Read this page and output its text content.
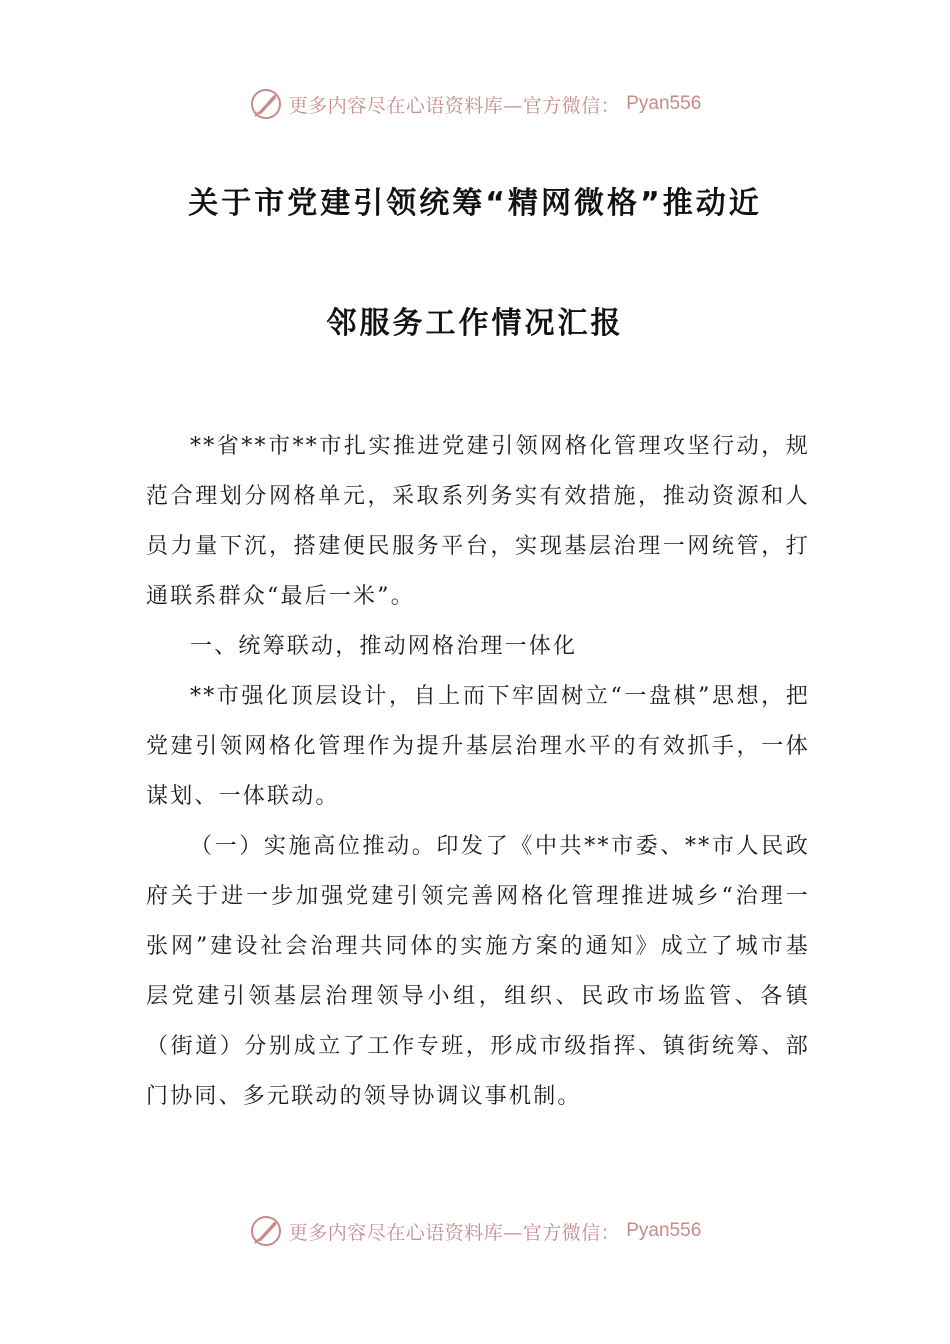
更多内容尽在心语资料库—官方微信： Pyan556
关于市党建引领统筹“精网微格”推动近
邻服务工作情况汇报

**省**市**市扎实推进党建引领网格化管理攻坚行动，规范合理划分网格单元，采取系列务实有效措施，推动资源和人员力量下沉，搭建便民服务平台，实现基层治理一网统管，打通联系群众“最后一米”。

一、统筹联动，推动网格治理一体化

**市强化顶层设计，自上而下牢固树立“一盘棋”思想，把党建引领网格化管理作为提升基层治理水平的有效抓手，一体谋划、一体联动。

（一）实施高位推动。印发了《中共**市委、**市人民政府关于进一步加强党建引领完善网格化管理推进城乡“治理一张网”建设社会治理共同体的实施方案的通知》成立了城市基层党建引领基层治理领导小组，组织、民政市场监管、各镇（街道）分别成立了工作专班，形成市级指挥、镇街统筹、部门协同、多元联动的领导协调议事机制。

更多内容尽在心语资料库—官方微信： Pyan556
